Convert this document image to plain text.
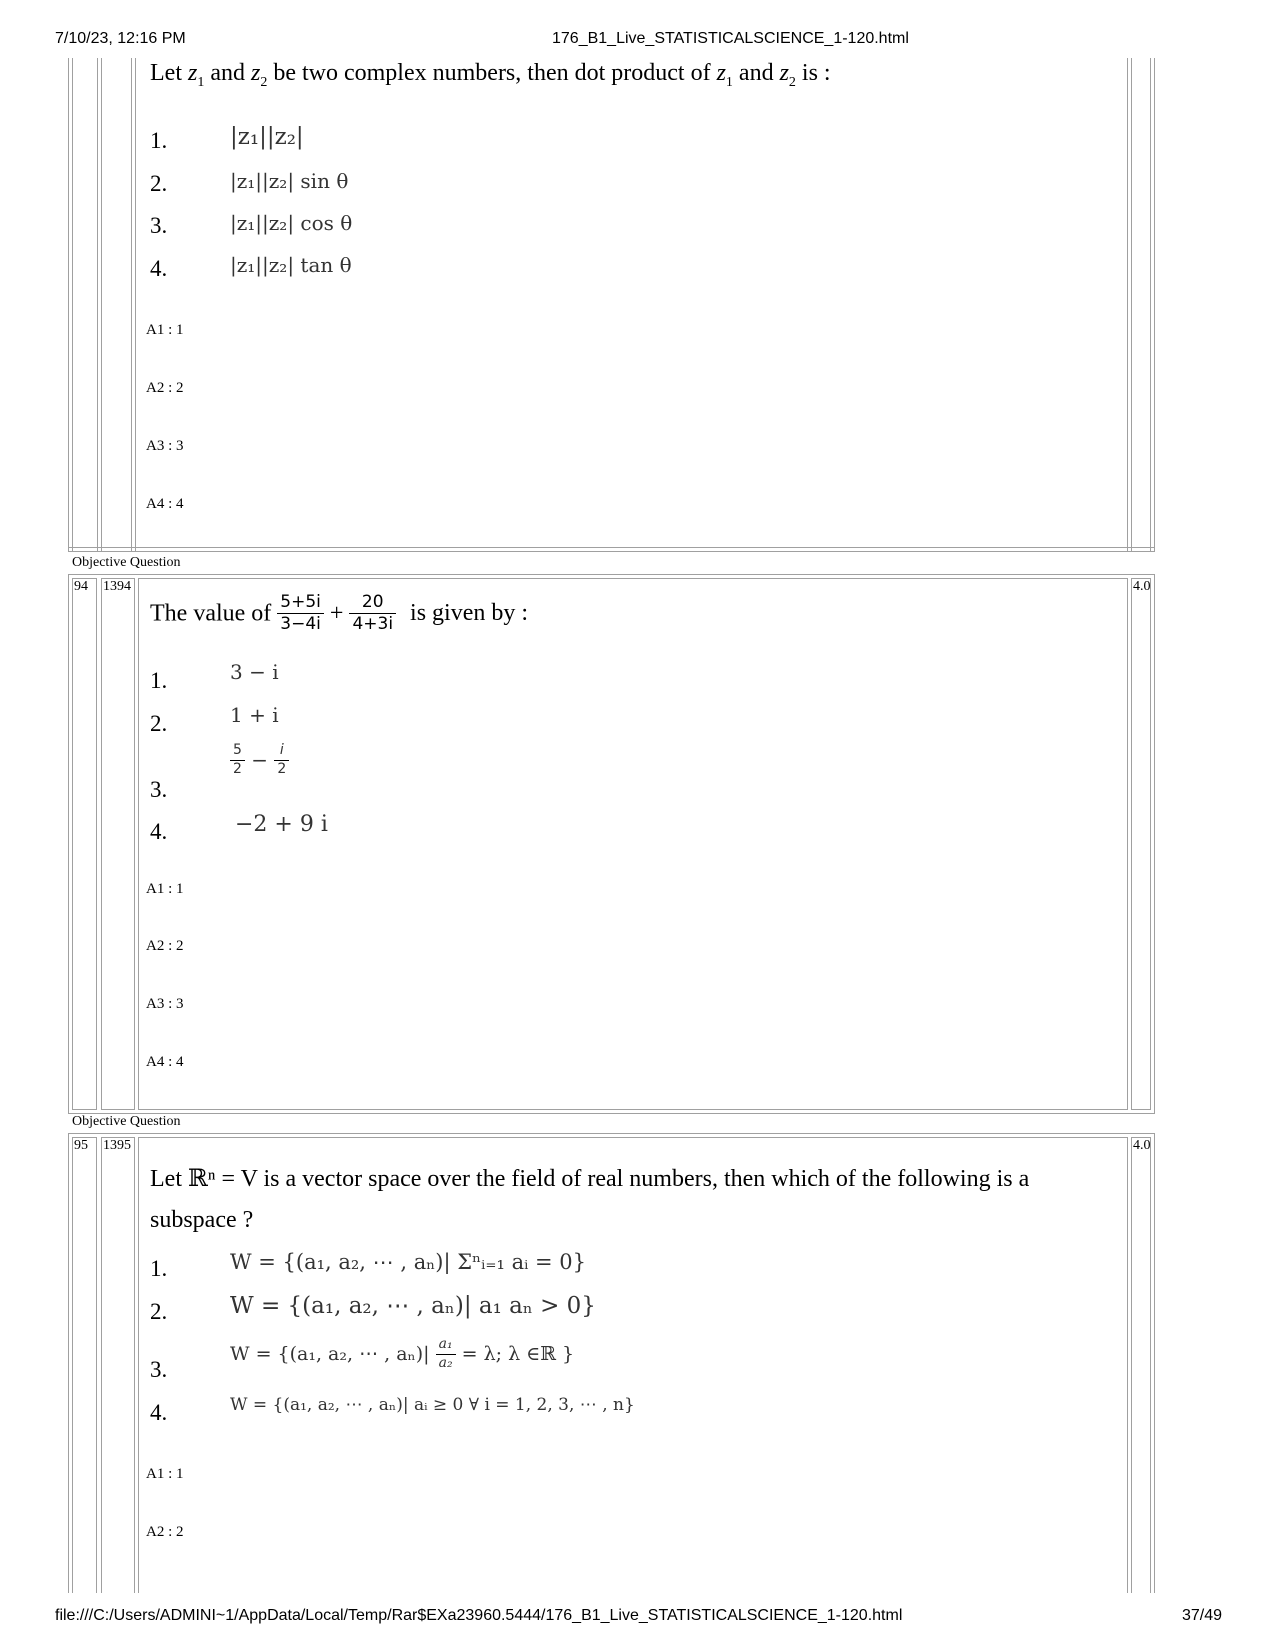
7/10/23, 12:16 PM	176_B1_Live_STATISTICALSCIENCE_1-120.html
file:///C:/Users/ADMINI~1/AppData/Local/Temp/Rar$EXa23960.5444/176_B1_Live_STATISTICALSCIENCE_1-120.html	37/49
Let $z_1$ and $z_2$ be two complex numbers, then dot product of $z_1$ and $z_2$ is :
1.
2.
3.
4.
|z₁||z₂|
|z₁||z₂| sin θ
|z₁||z₂| cos θ
|z₁||z₂| tan θ
A1 : 1
A2 : 2
A3 : 3
A4 : 4
Objective Question
94 1394	4.0
The value of $\frac{5+5i}{3-4i} + \frac{20}{4+3i}$ is given by :
1.
2.
3.
4.
3 − i
1 + i
$\frac{5}{2} - \frac{i}{2}$
−2 + 9 i
A1 : 1
A2 : 2
A3 : 3
A4 : 4
Objective Question
95 1395	4.0
Let ℝⁿ = V is a vector space over the field of real numbers, then which of the following is a
subspace ?
1.
2.
3.
4.
W = {(a₁, a₂, ⋯ , aₙ)| Σⁿᵢ₌₁ aᵢ = 0}
W = {(a₁, a₂, ⋯ , aₙ)| a₁ aₙ > 0}
W = {(a₁, a₂, ⋯ , $a_n)| \frac{\text{a₁}}{\text{a₂}} = \lambda$; λ ∈ℝ }
W = {(a₁, a₂, ⋯ , aₙ)| aᵢ ≥ 0 ∀ i = 1, 2, 3, ⋯ , n}
A1 : 1
A2 : 2
